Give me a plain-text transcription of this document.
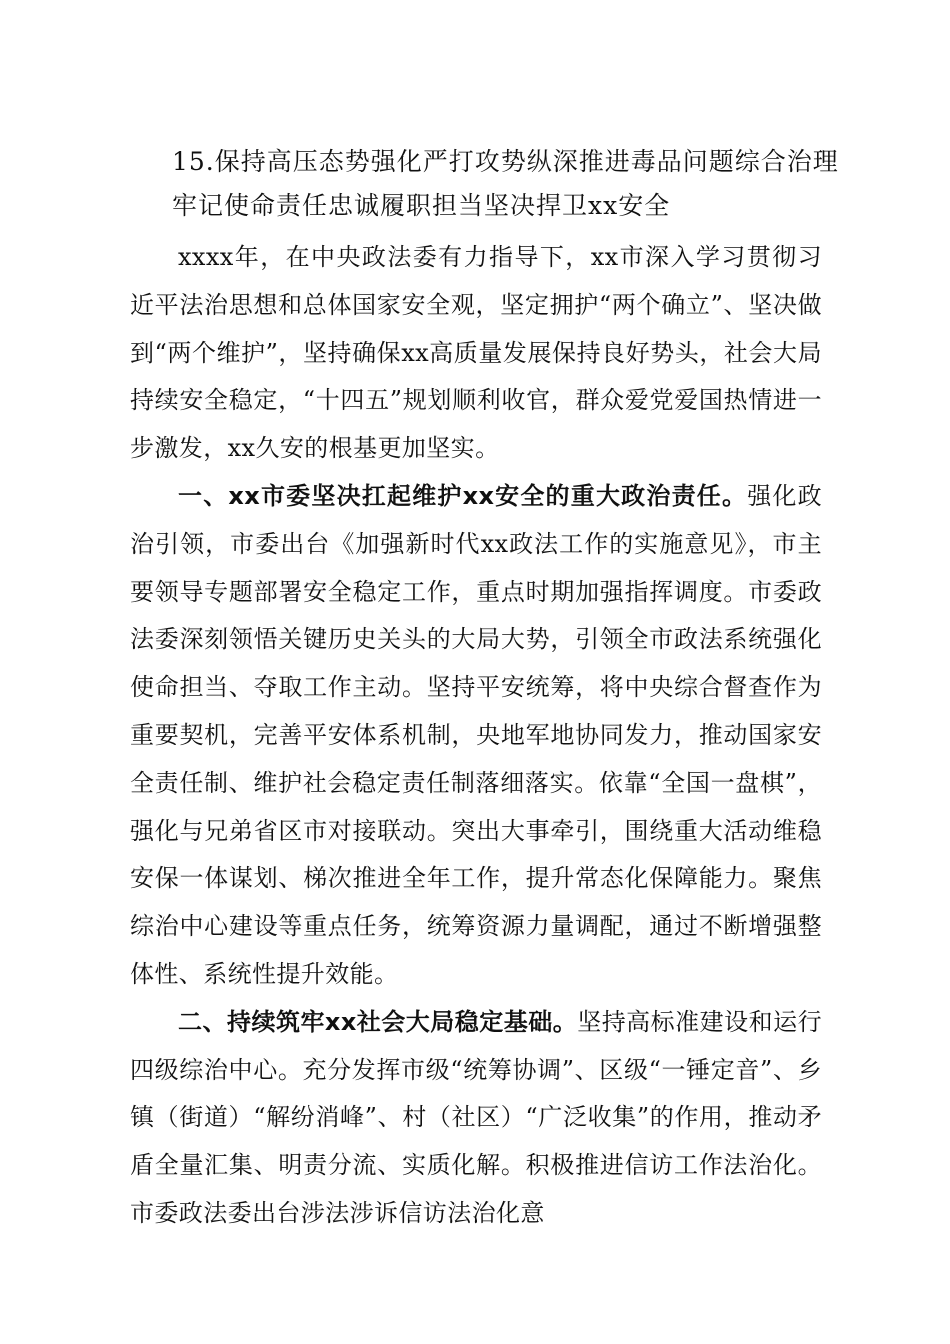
15.保持高压态势强化严打攻势纵深推进毒品问题综合治理
牢记使命责任忠诚履职担当坚决捍卫xx安全

xxxx年，在中央政法委有力指导下，xx市深入学习贯彻习近平法治思想和总体国家安全观，坚定拥护“两个确立”、坚决做到“两个维护”，坚持确保xx高质量发展保持良好势头，社会大局持续安全稳定，“十四五”规划顺利收官，群众爱党爱国热情进一步激发，xx久安的根基更加坚实。

一、xx市委坚决扛起维护xx安全的重大政治责任。强化政治引领，市委出台《加强新时代xx政法工作的实施意见》，市主要领导专题部署安全稳定工作，重点时期加强指挥调度。市委政法委深刻领悟关键历史关头的大局大势，引领全市政法系统强化使命担当、夺取工作主动。坚持平安统筹，将中央综合督查作为重要契机，完善平安体系机制，央地军地协同发力，推动国家安全责任制、维护社会稳定责任制落细落实。依靠“全国一盘棋”，强化与兄弟省区市对接联动。突出大事牵引，围绕重大活动维稳安保一体谋划、梯次推进全年工作，提升常态化保障能力。聚焦综治中心建设等重点任务，统筹资源力量调配，通过不断增强整体性、系统性提升效能。

二、持续筑牢xx社会大局稳定基础。坚持高标准建设和运行四级综治中心。充分发挥市级“统筹协调”、区级“一锤定音”、乡镇（街道）“解纷消峰”、村（社区）“广泛收集”的作用，推动矛盾全量汇集、明责分流、实质化解。积极推进信访工作法治化。市委政法委出台涉法涉诉信访法治化意
